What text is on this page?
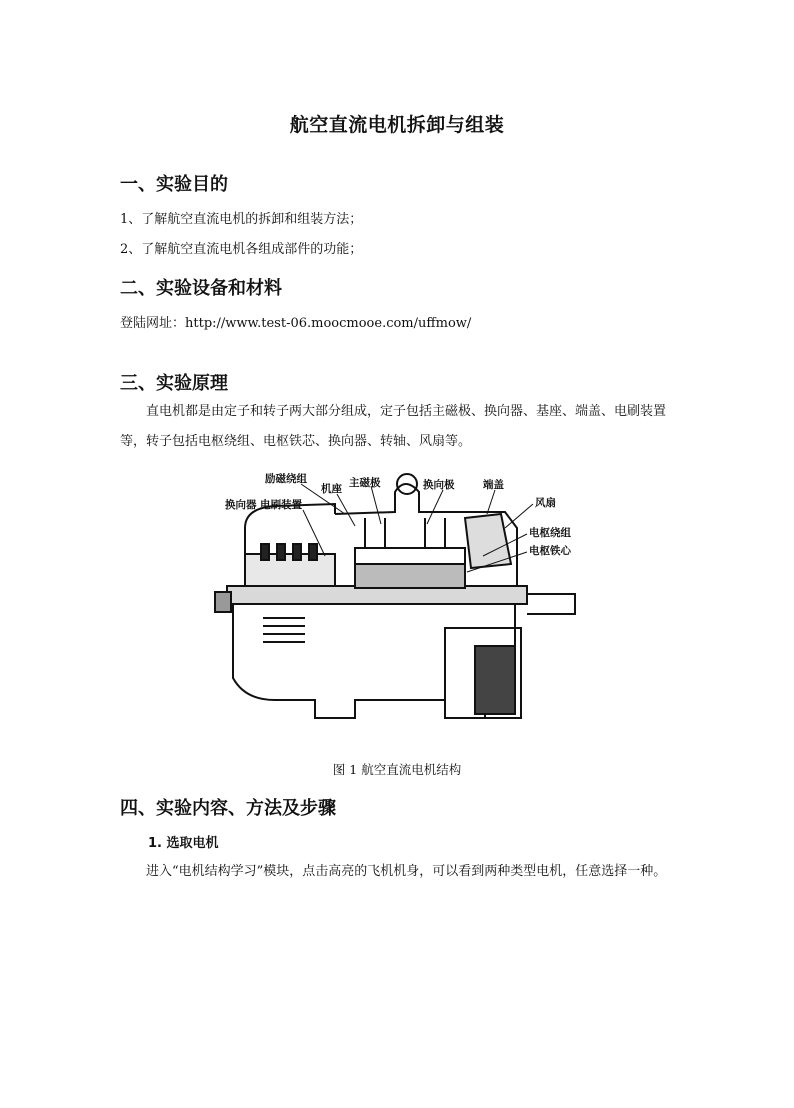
航空直流电机拆卸与组装
一、实验目的

1、了解航空直流电机的拆卸和组装方法；

2、了解航空直流电机各组成部件的功能；

二、实验设备和材料

登陆网址：http://www.test-06.moocmooe.com/uffmow/

三、实验原理

直电机都是由定子和转子两大部分组成，定子包括主磁极、换向器、基座、端盖、电刷装置等，转子包括电枢绕组、电枢铁芯、换向器、转轴、风扇等。

励磁绕组
机座 主磁极	换向极	端盖
换向器 电刷装置	风扇
电枢绕组
电枢铁心

图 1 航空直流电机结构

四、实验内容、方法及步骤
1. 选取电机

进入“电机结构学习”模块，点击高亮的飞机机身，可以看到两种类型电机，任意选择一种。
